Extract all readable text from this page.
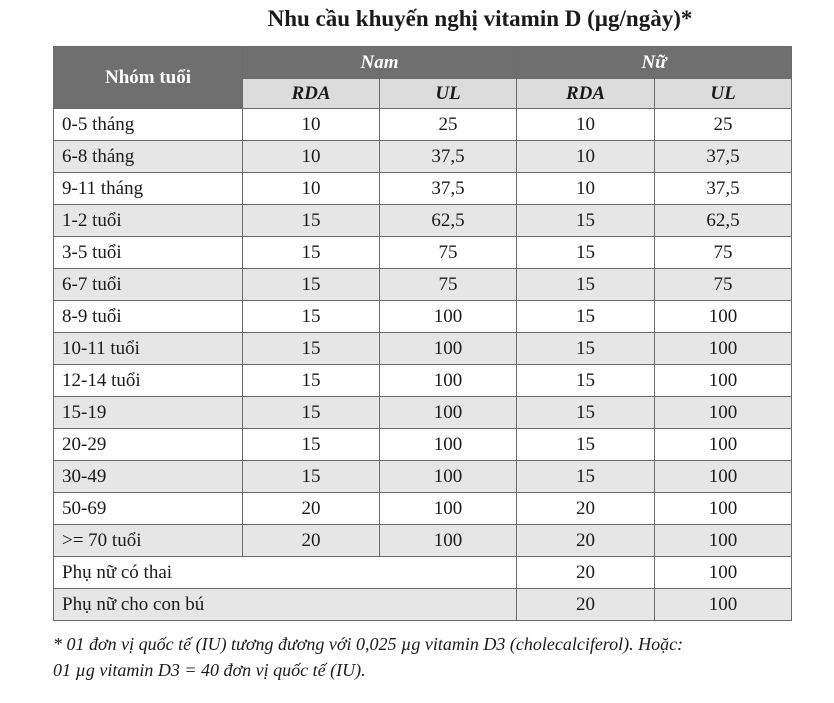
Nhu cầu khuyến nghị vitamin D (µg/ngày)*
Nhóm tuổi	Nam		Nữ	
	RDA	UL	RDA	UL
0-5 tháng	10	25	10	25
6-8 tháng	10	37,5	10	37,5
9-11 tháng	10	37,5	10	37,5
1-2 tuổi	15	62,5	15	62,5
3-5 tuổi	15	75	15	75
6-7 tuổi	15	75	15	75
8-9 tuổi	15	100	15	100
10-11 tuổi	15	100	15	100
12-14 tuổi	15	100	15	100
15-19	15	100	15	100
20-29	15	100	15	100
30-49	15	100	15	100
50-69	20	100	20	100
>= 70 tuổi	20	100	20	100
Phụ nữ có thai			20	100
Phụ nữ cho con bú			20	100
* 01 đơn vị quốc tế (IU) tương đương với 0,025 µg vitamin D3 (cholecalciferol). Hoặc:
01 µg vitamin D3 = 40 đơn vị quốc tế (IU).
